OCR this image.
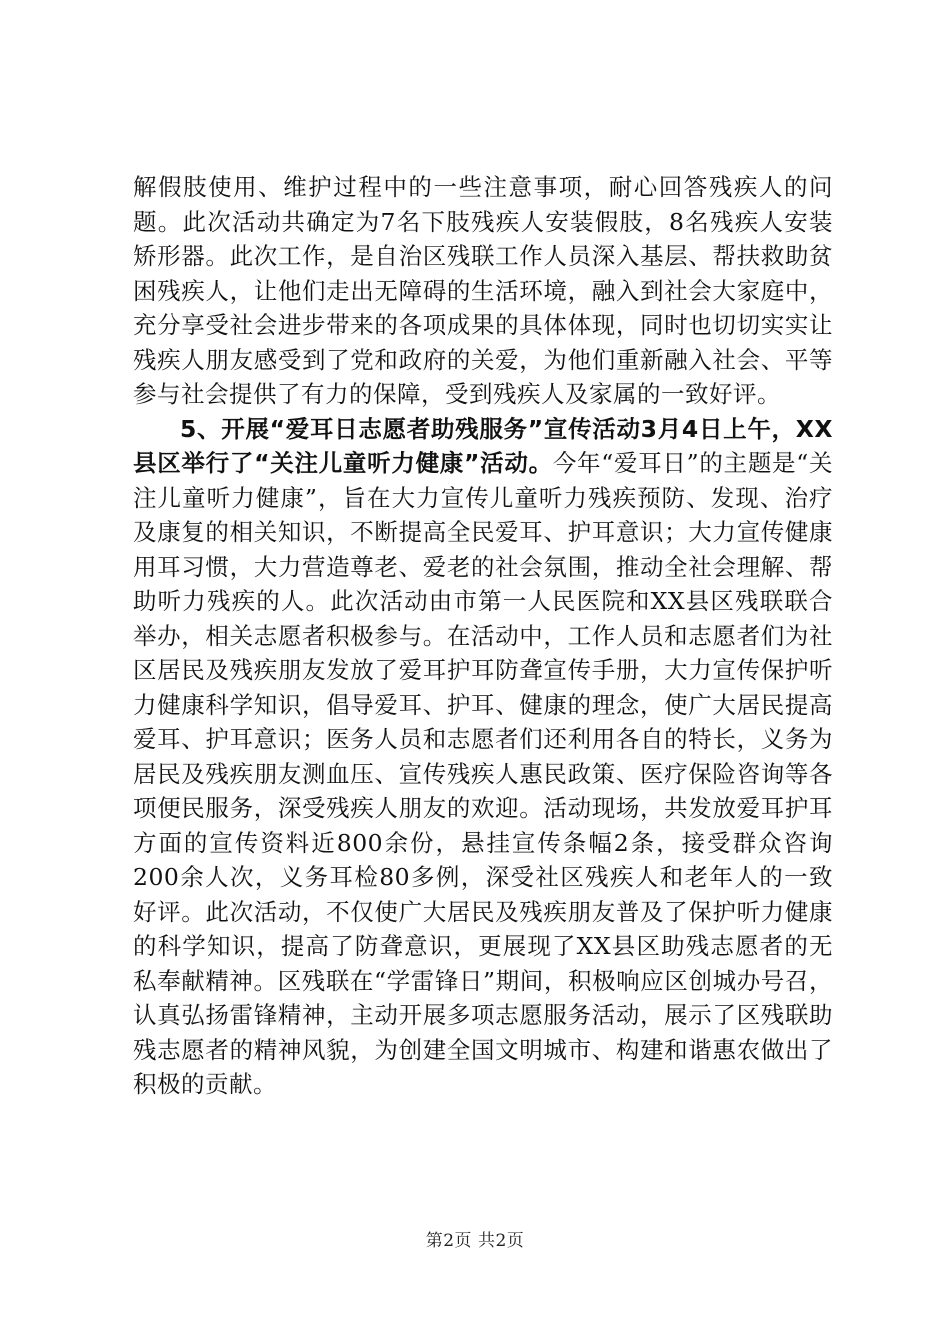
解假肢使用、维护过程中的一些注意事项，耐心回答残疾人的问题。此次活动共确定为7名下肢残疾人安装假肢，8名残疾人安装矫形器。此次工作，是自治区残联工作人员深入基层、帮扶救助贫困残疾人，让他们走出无障碍的生活环境，融入到社会大家庭中，充分享受社会进步带来的各项成果的具体体现，同时也切切实实让残疾人朋友感受到了党和政府的关爱，为他们重新融入社会、平等参与社会提供了有力的保障，受到残疾人及家属的一致好评。

5、开展“爱耳日志愿者助残服务”宣传活动3月4日上午，XX县区举行了“关注儿童听力健康”活动。今年“爱耳日”的主题是“关注儿童听力健康”，旨在大力宣传儿童听力残疾预防、发现、治疗及康复的相关知识，不断提高全民爱耳、护耳意识；大力宣传健康用耳习惯，大力营造尊老、爱老的社会氛围，推动全社会理解、帮助听力残疾的人。此次活动由市第一人民医院和XX县区残联联合举办，相关志愿者积极参与。在活动中，工作人员和志愿者们为社区居民及残疾朋友发放了爱耳护耳防聋宣传手册，大力宣传保护听力健康科学知识，倡导爱耳、护耳、健康的理念，使广大居民提高爱耳、护耳意识；医务人员和志愿者们还利用各自的特长，义务为居民及残疾朋友测血压、宣传残疾人惠民政策、医疗保险咨询等各项便民服务，深受残疾人朋友的欢迎。活动现场，共发放爱耳护耳方面的宣传资料近800余份，悬挂宣传条幅2条，接受群众咨询200余人次，义务耳检80多例，深受社区残疾人和老年人的一致好评。此次活动，不仅使广大居民及残疾朋友普及了保护听力健康的科学知识，提高了防聋意识，更展现了XX县区助残志愿者的无私奉献精神。区残联在“学雷锋日”期间，积极响应区创城办号召，认真弘扬雷锋精神，主动开展多项志愿服务活动，展示了区残联助残志愿者的精神风貌，为创建全国文明城市、构建和谐惠农做出了积极的贡献。

第2页 共2页
